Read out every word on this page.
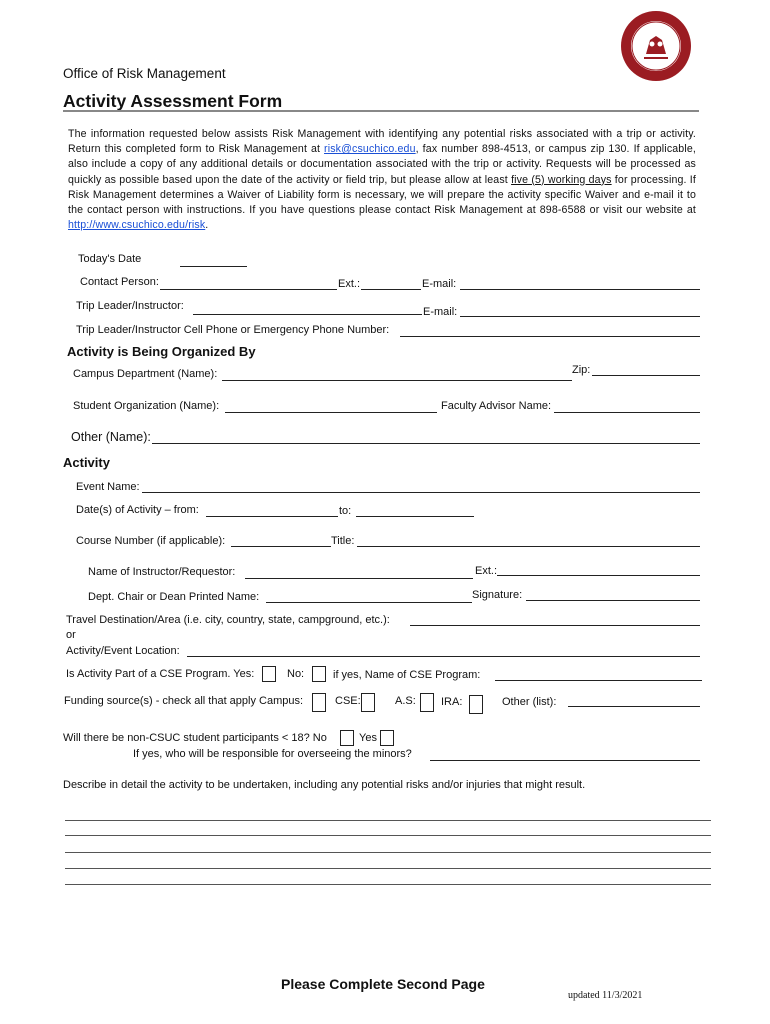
Office of Risk Management
Activity Assessment Form
The information requested below assists Risk Management with identifying any potential risks associated with a trip or activity. Return this completed form to Risk Management at risk@csuchico.edu, fax number 898-4513, or campus zip 130. If applicable, also include a copy of any additional details or documentation associated with the trip or activity. Requests will be processed as quickly as possible based upon the date of the activity or field trip, but please allow at least five (5) working days for processing. If Risk Management determines a Waiver of Liability form is necessary, we will prepare the activity specific Waiver and e-mail it to the contact person with instructions. If you have questions please contact Risk Management at 898-6588 or visit our website at http://www.csuchico.edu/risk.
Today's Date
Contact Person:	Ext.:	E-mail:
Trip Leader/Instructor:	E-mail:
Trip Leader/Instructor Cell Phone or Emergency Phone Number:
Activity is Being Organized By
Campus Department (Name):	Zip:
Student Organization (Name):	Faculty Advisor Name:
Other (Name):
Activity
Event Name:
Date(s) of Activity – from:	to:
Course Number (if applicable):	Title:
Name of Instructor/Requestor:	Ext.:
Dept. Chair or Dean Printed Name:	Signature:
Travel Destination/Area (i.e. city, country, state, campground, etc.):
or
Activity/Event Location:
Is Activity Part of a CSE Program. Yes:	No:	if yes, Name of CSE Program:
Funding source(s) - check all that apply Campus:	CSE:	A.S: IRA:	Other (list):
Will there be non-CSUC student participants < 18? No	Yes
If yes, who will be responsible for overseeing the minors?
Describe in detail the activity to be undertaken, including any potential risks and/or injuries that might result.
Please Complete Second Page
updated 11/3/2021
